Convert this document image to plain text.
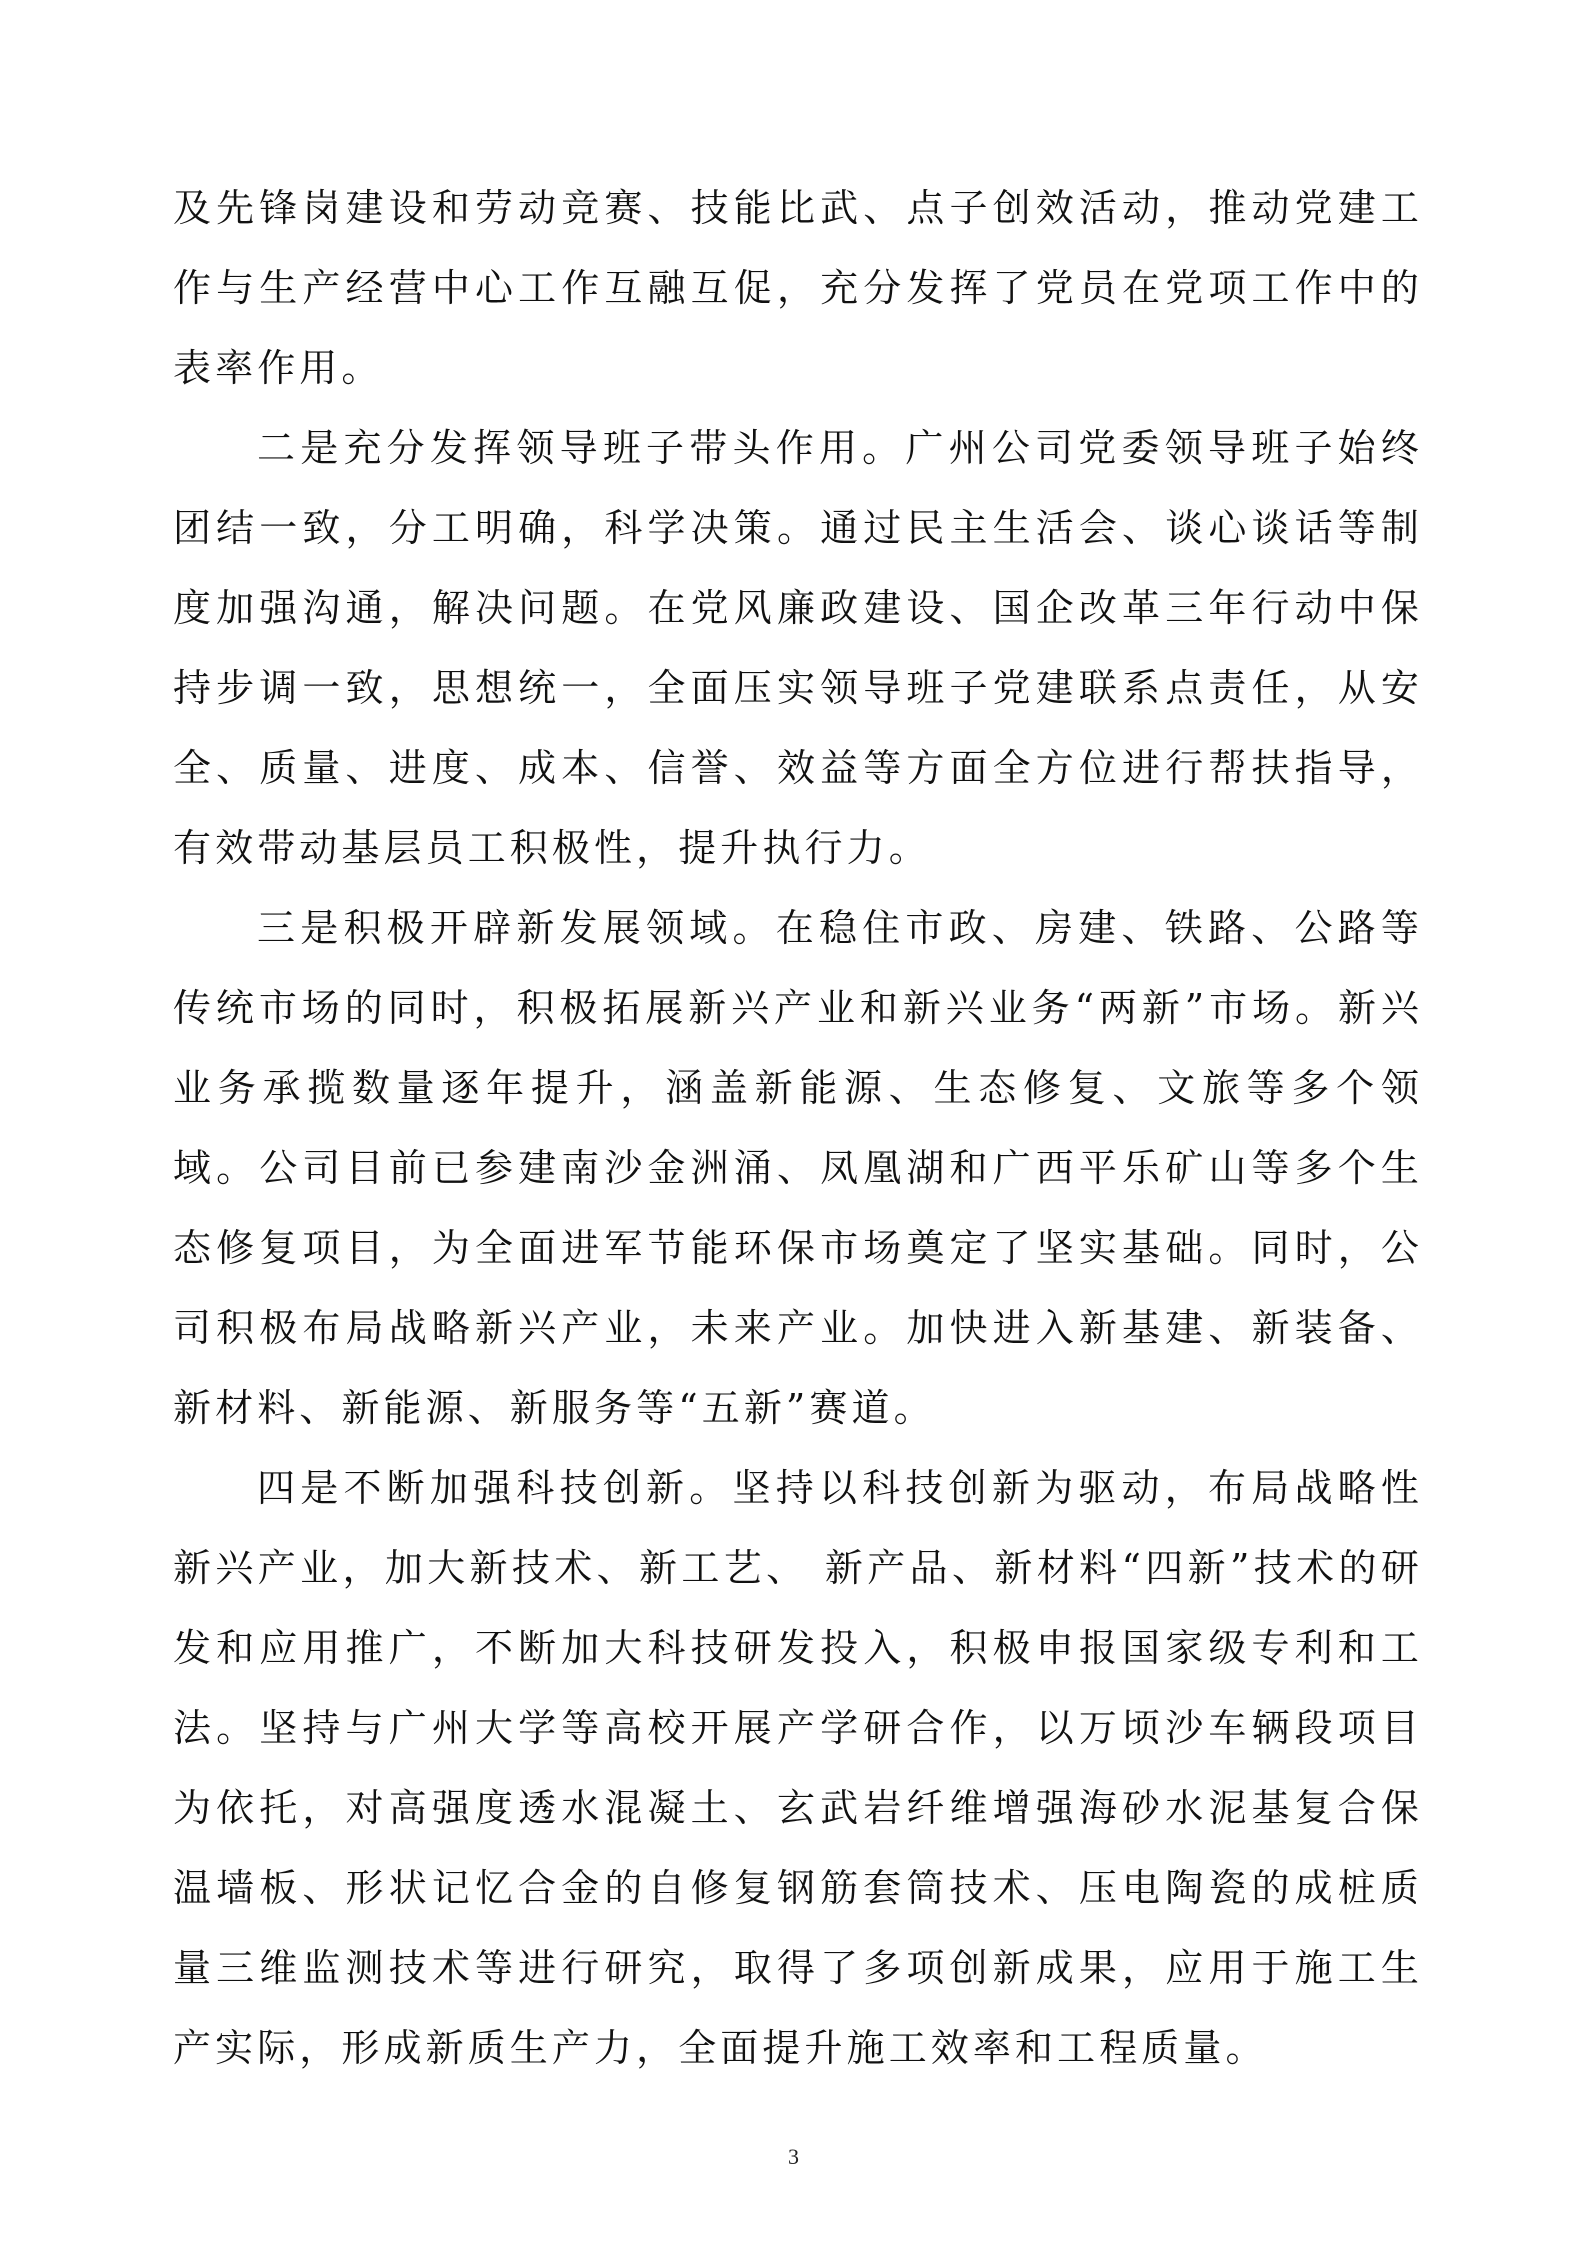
及先锋岗建设和劳动竞赛、技能比武、点子创效活动，推动党建工作与生产经营中心工作互融互促，充分发挥了党员在党项工作中的表率作用。

二是充分发挥领导班子带头作用。广州公司党委领导班子始终团结一致，分工明确，科学决策。通过民主生活会、谈心谈话等制度加强沟通，解决问题。在党风廉政建设、国企改革三年行动中保持步调一致，思想统一，全面压实领导班子党建联系点责任，从安全、质量、进度、成本、信誉、效益等方面全方位进行帮扶指导，有效带动基层员工积极性，提升执行力。

三是积极开辟新发展领域。在稳住市政、房建、铁路、公路等传统市场的同时，积极拓展新兴产业和新兴业务“两新”市场。新兴业务承揽数量逐年提升，涵盖新能源、生态修复、文旅等多个领域。公司目前已参建南沙金洲涌、凤凰湖和广西平乐矿山等多个生态修复项目，为全面进军节能环保市场奠定了坚实基础。同时，公司积极布局战略新兴产业，未来产业。加快进入新基建、新装备、新材料、新能源、新服务等“五新”赛道。

四是不断加强科技创新。坚持以科技创新为驱动，布局战略性新兴产业，加大新技术、新工艺、 新产品、新材料“四新”技术的研发和应用推广，不断加大科技研发投入，积极申报国家级专利和工法。坚持与广州大学等高校开展产学研合作，以万顷沙车辆段项目为依托，对高强度透水混凝土、玄武岩纤维增强海砂水泥基复合保温墙板、形状记忆合金的自修复钢筋套筒技术、压电陶瓷的成桩质量三维监测技术等进行研究，取得了多项创新成果，应用于施工生产实际，形成新质生产力，全面提升施工效率和工程质量。

3
